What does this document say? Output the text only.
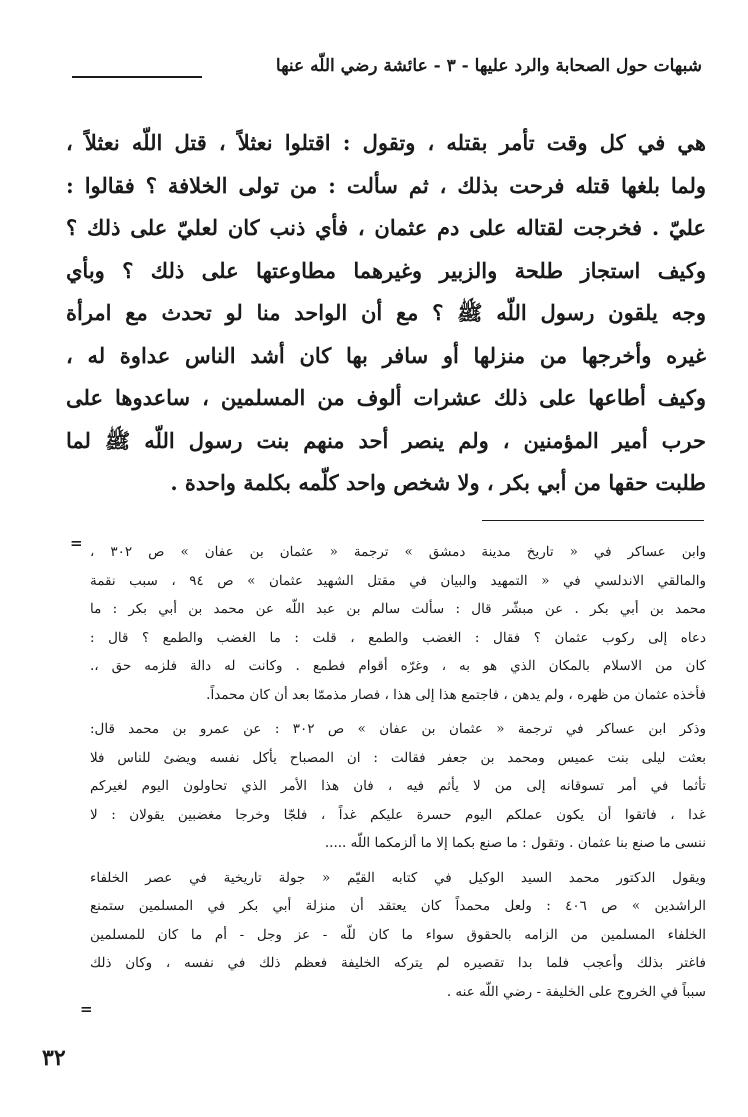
شبهات حول الصحابة والرد عليها - ٣ - عائشة رضي اللّه عنها
هي في كل وقت تأمر بقتله ، وتقول : اقتلوا نعثلاً ، قتل اللّه نعثلاً ،
ولما بلغها قتله فرحت بذلك ، ثم سألت : من تولى الخلافة ؟ فقالوا :
عليّ . فخرجت لقتاله على دم عثمان ، فأي ذنب كان لعليّ على ذلك ؟
وكيف استجاز طلحة والزبير وغيرهما مطاوعتها على ذلك ؟ وبأي
وجه يلقون رسول اللّه ﷺ ؟ مع أن الواحد منا لو تحدث مع امرأة
غيره وأخرجها من منزلها أو سافر بها كان أشد الناس عداوة له ،
وكيف أطاعها على ذلك عشرات ألوف من المسلمين ، ساعدوها على
حرب أمير المؤمنين ، ولم ينصر أحد منهم بنت رسول اللّه ﷺ لما
طلبت حقها من أبي بكر ، ولا شخص واحد كلّمه بكلمة واحدة .
= وابن عساكر في « تاريخ مدينة دمشق » ترجمة « عثمان بن عفان » ص ٣٠٢ ،
والمالقي الاندلسي في « التمهيد والبيان في مقتل الشهيد عثمان » ص ٩٤ ، سبب نقمة
محمد بن أبي بكر . عن مبشّر قال : سألت سالم بن عبد اللّه عن محمد بن أبي بكر : ما
دعاه إلى ركوب عثمان ؟ فقال : الغضب والطمع ، قلت : ما الغضب والطمع ؟ قال :
كان من الاسلام بالمكان الذي هو به ، وغرّه أقوام فطمع . وكانت له دالة فلزمه حق ،.
فأخذه عثمان من ظهره ، ولم يدهن ، فاجتمع هذا إلى هذا ، فصار مذممّا بعد أن كان محمداً.
وذكر ابن عساكر في ترجمة « عثمان بن عفان » ص ٣٠٢ : عن عمرو بن محمد قال:
بعثت ليلى بنت عميس ومحمد بن جعفر فقالت : ان المصباح يأكل نفسه ويضئ للناس فلا
تأثما في أمر تسوقانه إلى من لا يأثم فيه ، فان هذا الأمر الذي تحاولون اليوم لغيركم
غدا ، فاتقوا أن يكون عملكم اليوم حسرة عليكم غداً ، فلجّا وخرجا مغضبين يقولان : لا
ننسى ما صنع بنا عثمان . وتقول : ما صنع بكما إلا ما ألزمكما اللّه .....
ويقول الدكتور محمد السيد الوكيل في كتابه القيّم « جولة تاريخية في عصر الخلفاء
الراشدين » ص ٤٠٦ : ولعل محمداً كان يعتقد أن منزلة أبي بكر في المسلمين ستمنع
الخلفاء المسلمين من الزامه بالحقوق سواء ما كان للّه - عز وجل - أم ما كان للمسلمين
فاغتر بذلك وأعجب فلما بدا تقصيره لم يتركه الخليفة فعظم ذلك في نفسه ، وكان ذلك
سبباً في الخروج على الخليفة - رضي اللّه عنه .
=
٣٢
